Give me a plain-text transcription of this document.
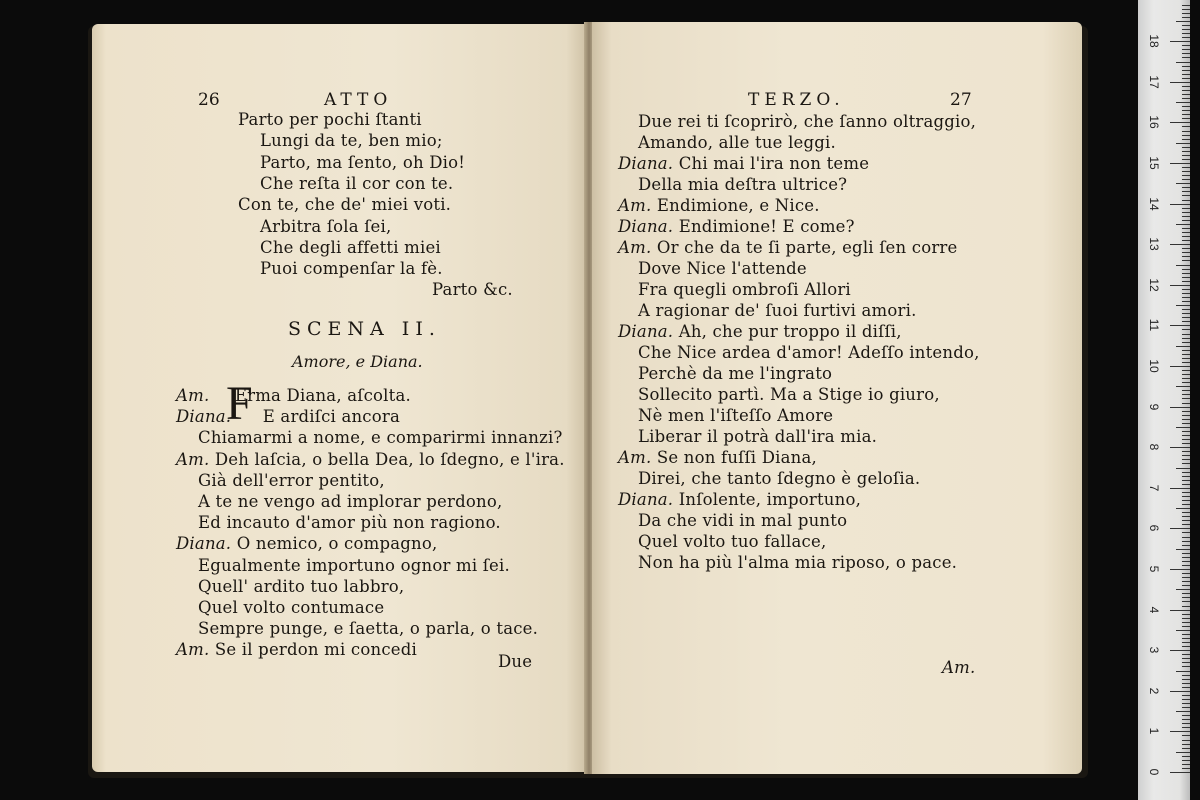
26	ATTO
Parto per pochi ſtanti
Lungi da te, ben mio;
Parto, ma ſento, oh Dio!
Che reſta il cor con te.
Con te, che de' miei voti.
Arbitra ſola ſei,
Che degli affetti miei
Puoi compenſar la fè.
Parto &c.
SCENA II.
Amore, e Diana.
F
Am. Erma Diana, aſcolta.
Diana. E ardiſci ancora
Chiamarmi a nome, e comparirmi innanzi?
Am. Deh laſcia, o bella Dea, lo ſdegno, e l'ira.
Già dell'error pentito,
A te ne vengo ad implorar perdono,
Ed incauto d'amor più non ragiono.
Diana. O nemico, o compagno,
Egualmente importuno ognor mi ſei.
Quell' ardito tuo labbro,
Quel volto contumace
Sempre punge, e ſaetta, o parla, o tace.
Am. Se il perdon mi concedi
Due
TERZO.	27
Due rei ti ſcoprirò, che ſanno oltraggio,
Amando, alle tue leggi.
Diana. Chi mai l'ira non teme
Della mia deſtra ultrice?
Am. Endimione, e Nice.
Diana. Endimione! E come?
Am. Or che da te ſi parte, egli ſen corre
Dove Nice l'attende
Fra quegli ombroſi Allori
A ragionar de' ſuoi furtivi amori.
Diana. Ah, che pur troppo il diſſi,
Che Nice ardea d'amor! Adeſſo intendo,
Perchè da me l'ingrato
Sollecito partì. Ma a Stige io giuro,
Nè men l'iſteſſo Amore
Liberar il potrà dall'ira mia.
Am. Se non fuſſi Diana,
Direi, che tanto ſdegno è geloſia.
Diana. Inſolente, importuno,
Da che vidi in mal punto
Quel volto tuo fallace,
Non ha più l'alma mia riposo, o pace.
Am.
0
1
2
3
4
5
6
7
8
9
10
11
12
13
14
15
16
17
18
